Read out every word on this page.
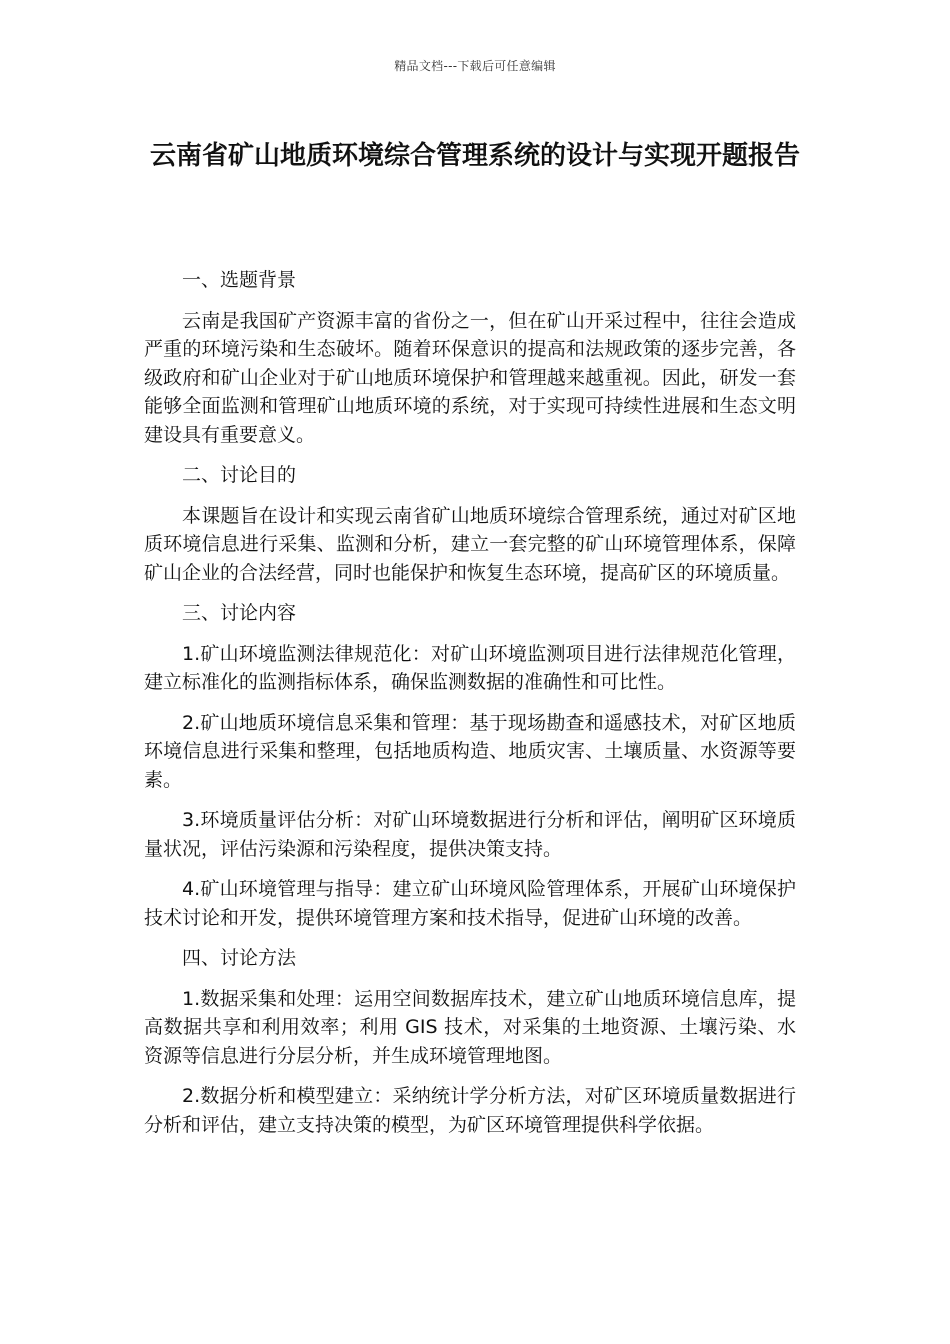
精品文档---下载后可任意编辑
云南省矿山地质环境综合管理系统的设计与实现开题报告

一、选题背景

云南是我国矿产资源丰富的省份之一，但在矿山开采过程中，往往会造成严重的环境污染和生态破坏。随着环保意识的提高和法规政策的逐步完善，各级政府和矿山企业对于矿山地质环境保护和管理越来越重视。因此，研发一套能够全面监测和管理矿山地质环境的系统，对于实现可持续性进展和生态文明建设具有重要意义。

二、讨论目的

本课题旨在设计和实现云南省矿山地质环境综合管理系统，通过对矿区地质环境信息进行采集、监测和分析，建立一套完整的矿山环境管理体系，保障矿山企业的合法经营，同时也能保护和恢复生态环境，提高矿区的环境质量。

三、讨论内容

1.矿山环境监测法律规范化：对矿山环境监测项目进行法律规范化管理，建立标准化的监测指标体系，确保监测数据的准确性和可比性。

2.矿山地质环境信息采集和管理：基于现场勘查和遥感技术，对矿区地质环境信息进行采集和整理，包括地质构造、地质灾害、土壤质量、水资源等要素。

3.环境质量评估分析：对矿山环境数据进行分析和评估，阐明矿区环境质量状况，评估污染源和污染程度，提供决策支持。

4.矿山环境管理与指导：建立矿山环境风险管理体系，开展矿山环境保护技术讨论和开发，提供环境管理方案和技术指导，促进矿山环境的改善。

四、讨论方法

1.数据采集和处理：运用空间数据库技术，建立矿山地质环境信息库，提高数据共享和利用效率；利用 GIS 技术，对采集的土地资源、土壤污染、水资源等信息进行分层分析，并生成环境管理地图。

2.数据分析和模型建立：采纳统计学分析方法，对矿区环境质量数据进行分析和评估，建立支持决策的模型，为矿区环境管理提供科学依据。
